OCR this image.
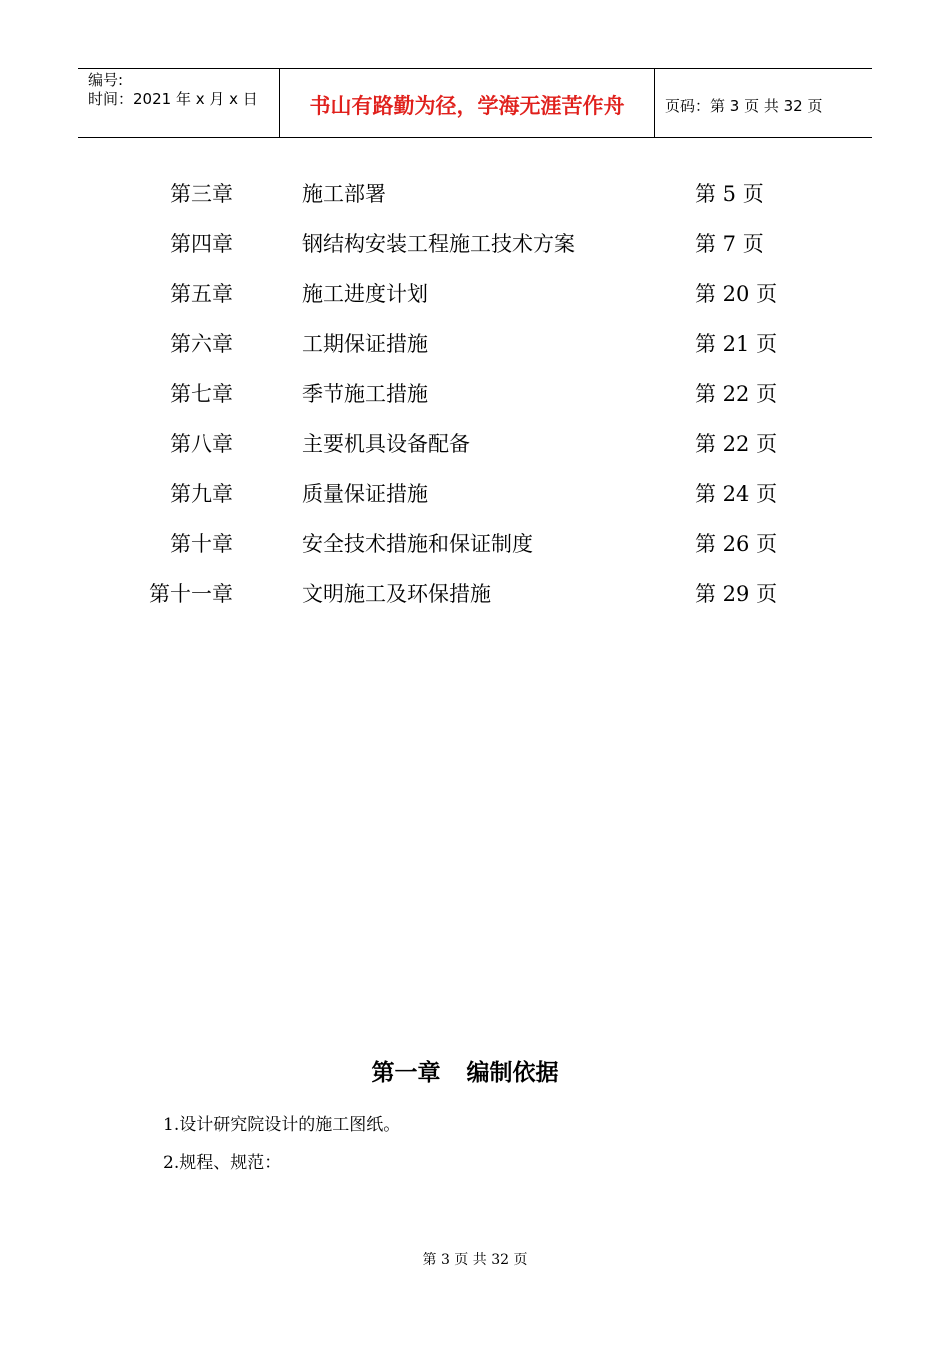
编号:
时间：2021 年 x 月 x 日	书山有路勤为径，学海无涯苦作舟	页码：第 3 页 共 32 页
第三章	施工部署	第 5 页
第四章	钢结构安装工程施工技术方案	第 7 页
第五章	施工进度计划	第 20 页
第六章	工期保证措施	第 21 页
第七章	季节施工措施	第 22 页
第八章	主要机具设备配备	第 22 页
第九章	质量保证措施	第 24 页
第十章	安全技术措施和保证制度	第 26 页
第十一章	文明施工及环保措施	第 29 页
第一章 编制依据
1.设计研究院设计的施工图纸。
2.规程、规范：
第 3 页 共 32 页
